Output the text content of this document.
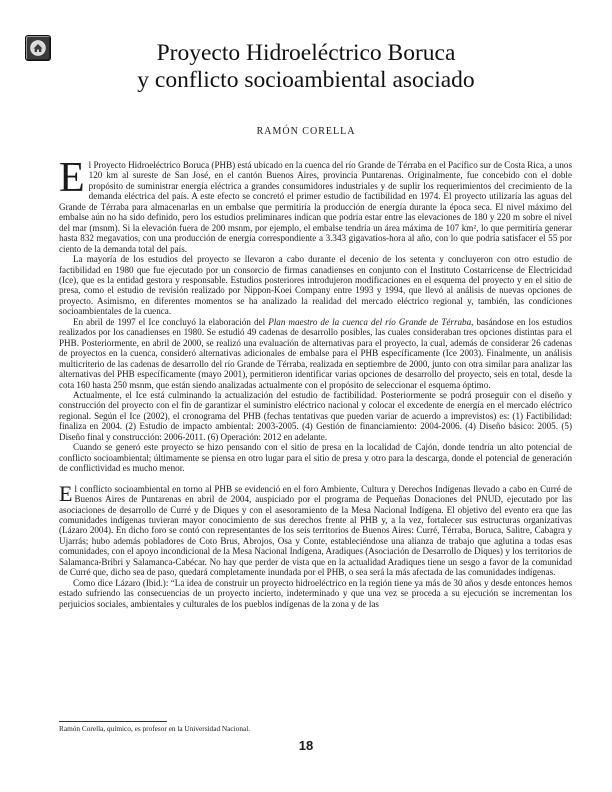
Proyecto Hidroeléctrico Boruca
y conflicto socioambiental asociado
RAMÓN CORELLA

El Proyecto Hidroeléctrico Boruca (PHB) está ubicado en la cuenca del río Grande de Térraba en el Pacífico sur de Costa Rica, a unos 120 km al sureste de San José, en el cantón Buenos Aires, provincia Puntarenas. Originalmente, fue concebido con el doble propósito de suministrar energía eléctrica a grandes consumidores industriales y de suplir los requerimientos del crecimiento de la demanda eléctrica del país. A este efecto se concretó el primer estudio de factibilidad en 1974. El proyecto utilizaría las aguas del Grande de Térraba para almacenarlas en un embalse que permitiría la producción de energía durante la época seca. El nivel máximo del embalse aún no ha sido definido, pero los estudios preliminares indican que podría estar entre las elevaciones de 180 y 220 m sobre el nivel del mar (msnm). Si la elevación fuera de 200 msnm, por ejemplo, el embalse tendría un área máxima de 107 km², lo que permitiría generar hasta 832 megavatios, con una producción de energía correspondiente a 3.343 gigavatios-hora al año, con lo que podría satisfacer el 55 por ciento de la demanda total del país.

La mayoría de los estudios del proyecto se llevaron a cabo durante el decenio de los setenta y concluyeron con otro estudio de factibilidad en 1980 que fue ejecutado por un consorcio de firmas canadienses en conjunto con el Instituto Costarricense de Electricidad (Ice), que es la entidad gestora y responsable. Estudios posteriores introdujeron modificaciones en el esquema del proyecto y en el sitio de presa, como el estudio de revisión realizado por Nippon-Koei Company entre 1993 y 1994, que llevó al análisis de nuevas opciones de proyecto. Asimismo, en diferentes momentos se ha analizado la realidad del mercado eléctrico regional y, también, las condiciones socioambientales de la cuenca.

En abril de 1997 el Ice concluyó la elaboración del Plan maestro de la cuenca del río Grande de Térraba, basándose en los estudios realizados por los canadienses en 1980. Se estudió 49 cadenas de desarrollo posibles, las cuales consideraban tres opciones distintas para el PHB. Posteriormente, en abril de 2000, se realizó una evaluación de alternativas para el proyecto, la cual, además de considerar 26 cadenas de proyectos en la cuenca, consideró alternativas adicionales de embalse para el PHB específicamente (Ice 2003). Finalmente, un análisis multicriterio de las cadenas de desarrollo del río Grande de Térraba, realizada en septiembre de 2000, junto con otra similar para analizar las alternativas del PHB específicamente (mayo 2001), permitieron identificar varias opciones de desarrollo del proyecto, seis en total, desde la cota 160 hasta 250 msnm, que están siendo analizadas actualmente con el propósito de seleccionar el esquema óptimo.

Actualmente, el Ice está culminando la actualización del estudio de factibilidad. Posteriormente se podrá proseguir con el diseño y construcción del proyecto con el fin de garantizar el suministro eléctrico nacional y colocar el excedente de energía en el mercado eléctrico regional. Según el Ice (2002), el cronograma del PHB (fechas tentativas que pueden variar de acuerdo a imprevistos) es: (1) Factibilidad: finaliza en 2004. (2) Estudio de impacto ambiental: 2003-2005. (4) Gestión de financiamiento: 2004-2006. (4) Diseño básico: 2005. (5) Diseño final y construcción: 2006-2011. (6) Operación: 2012 en adelante.

Cuando se generó este proyecto se hizo pensando con el sitio de presa en la localidad de Cajón, donde tendría un alto potencial de conflicto socioambiental; últimamente se piensa en otro lugar para el sitio de presa y otro para la descarga, donde el potencial de generación de conflictividad es mucho menor.

El conflicto socioambiental en torno al PHB se evidenció en el foro Ambiente, Cultura y Derechos Indígenas llevado a cabo en Curré de Buenos Aires de Puntarenas en abril de 2004, auspiciado por el programa de Pequeñas Donaciones del PNUD, ejecutado por las asociaciones de desarrollo de Curré y de Diques y con el asesoramiento de la Mesa Nacional Indígena. El objetivo del evento era que las comunidades indígenas tuvieran mayor conocimiento de sus derechos frente al PHB y, a la vez, fortalecer sus estructuras organizativas (Lázaro 2004). En dicho foro se contó con representantes de los seis territorios de Buenos Aires: Curré, Térraba, Boruca, Salitre, Cabagra y Ujarrás; hubo además pobladores de Coto Brus, Abrojos, Osa y Conte, estableciéndose una alianza de trabajo que aglutina a todas esas comunidades, con el apoyo incondicional de la Mesa Nacional Indígena, Aradiques (Asociación de Desarrollo de Diques) y los territorios de Salamanca-Bribri y Salamanca-Cabécar. No hay que perder de vista que en la actualidad Aradiques tiene un sesgo a favor de la comunidad de Curré que, dicho sea de paso, quedará completamente inundada por el PHB, o sea será la más afectada de las comunidades indígenas.

Como dice Lázaro (Ibid.): “La idea de construir un proyecto hidroeléctrico en la región tiene ya más de 30 años y desde entonces hemos estado sufriendo las consecuencias de un proyecto incierto, indeterminado y que una vez se proceda a su ejecución se incrementan los perjuicios sociales, ambientales y culturales de los pueblos indígenas de la zona y de las

Ramón Corella, químico, es profesor en la Universidad Nacional.
18
